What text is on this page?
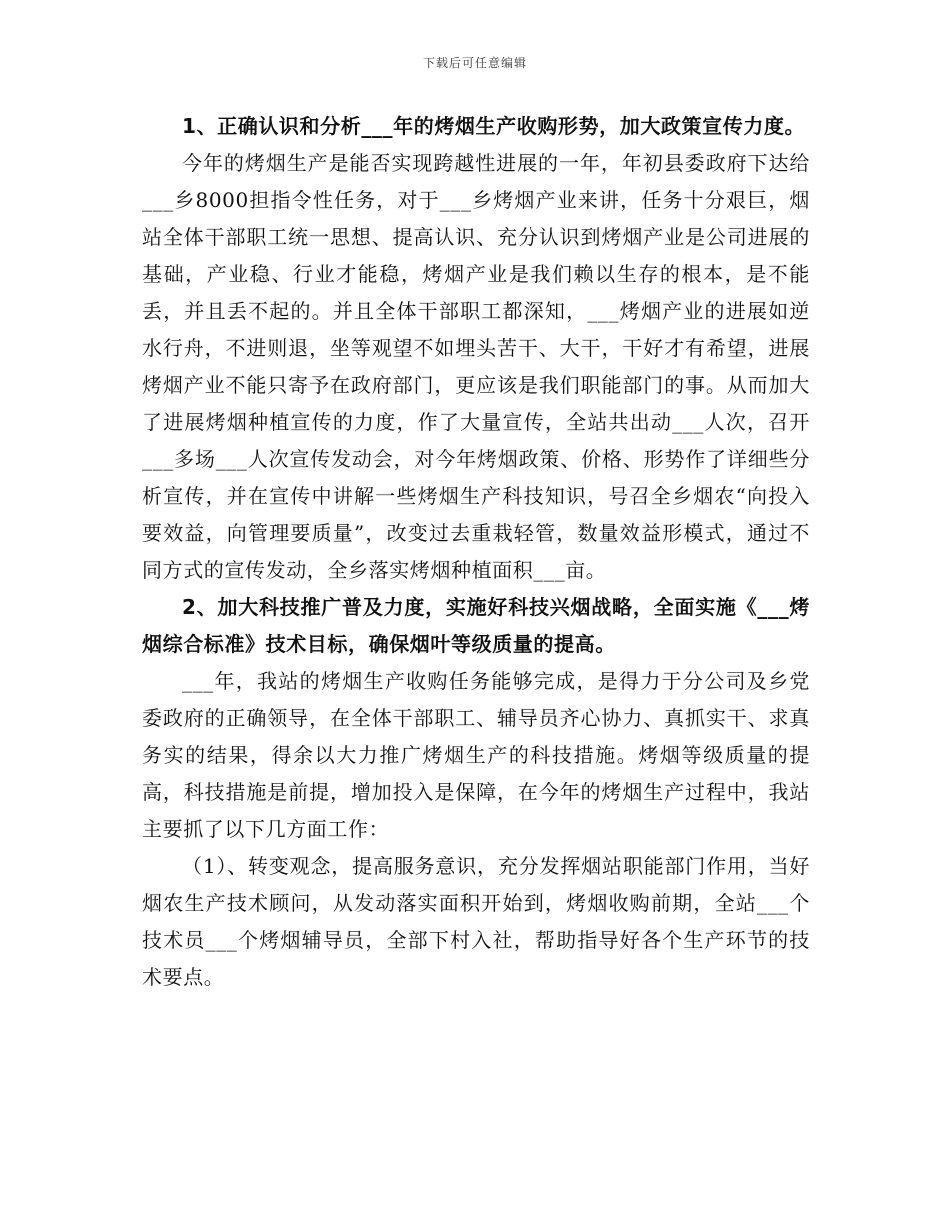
下载后可任意编辑

1、正确认识和分析___年的烤烟生产收购形势，加大政策宣传力度。

今年的烤烟生产是能否实现跨越性进展的一年，年初县委政府下达给___乡8000担指令性任务，对于___乡烤烟产业来讲，任务十分艰巨，烟站全体干部职工统一思想、提高认识、充分认识到烤烟产业是公司进展的基础，产业稳、行业才能稳，烤烟产业是我们赖以生存的根本，是不能丢，并且丢不起的。并且全体干部职工都深知，___烤烟产业的进展如逆水行舟，不进则退，坐等观望不如埋头苦干、大干，干好才有希望，进展烤烟产业不能只寄予在政府部门，更应该是我们职能部门的事。从而加大了进展烤烟种植宣传的力度，作了大量宣传，全站共出动___人次，召开___多场___人次宣传发动会，对今年烤烟政策、价格、形势作了详细些分析宣传，并在宣传中讲解一些烤烟生产科技知识，号召全乡烟农“向投入要效益，向管理要质量”，改变过去重栽轻管，数量效益形模式，通过不同方式的宣传发动，全乡落实烤烟种植面积___亩。

2、加大科技推广普及力度，实施好科技兴烟战略，全面实施《___烤烟综合标准》技术目标，确保烟叶等级质量的提高。

___年，我站的烤烟生产收购任务能够完成，是得力于分公司及乡党委政府的正确领导，在全体干部职工、辅导员齐心协力、真抓实干、求真务实的结果，得余以大力推广烤烟生产的科技措施。烤烟等级质量的提高，科技措施是前提，增加投入是保障，在今年的烤烟生产过程中，我站主要抓了以下几方面工作：

（1）、转变观念，提高服务意识，充分发挥烟站职能部门作用，当好烟农生产技术顾问，从发动落实面积开始到，烤烟收购前期，全站___个技术员___个烤烟辅导员，全部下村入社，帮助指导好各个生产环节的技术要点。
